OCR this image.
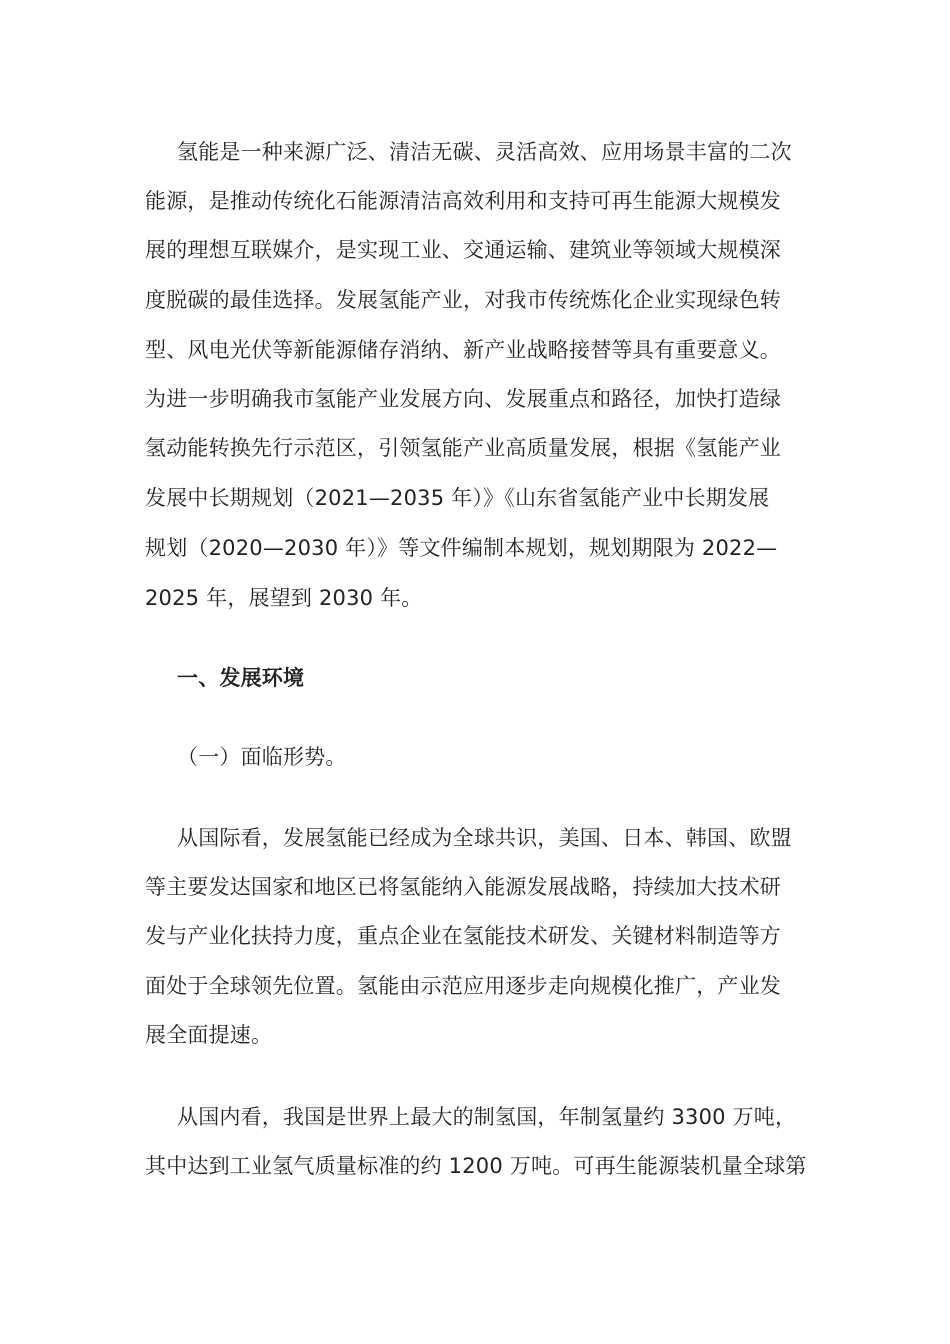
氢能是一种来源广泛、清洁无碳、灵活高效、应用场景丰富的二次
能源，是推动传统化石能源清洁高效利用和支持可再生能源大规模发
展的理想互联媒介，是实现工业、交通运输、建筑业等领域大规模深
度脱碳的最佳选择。发展氢能产业，对我市传统炼化企业实现绿色转
型、风电光伏等新能源储存消纳、新产业战略接替等具有重要意义。
为进一步明确我市氢能产业发展方向、发展重点和路径，加快打造绿
氢动能转换先行示范区，引领氢能产业高质量发展，根据《氢能产业
发展中长期规划（2021—2035 年）》《山东省氢能产业中长期发展
规划（2020—2030 年）》等文件编制本规划，规划期限为 2022—
2025 年，展望到 2030 年。
一、发展环境
（一）面临形势。
从国际看，发展氢能已经成为全球共识，美国、日本、韩国、欧盟
等主要发达国家和地区已将氢能纳入能源发展战略，持续加大技术研
发与产业化扶持力度，重点企业在氢能技术研发、关键材料制造等方
面处于全球领先位置。氢能由示范应用逐步走向规模化推广，产业发
展全面提速。
从国内看，我国是世界上最大的制氢国，年制氢量约 3300 万吨，
其中达到工业氢气质量标准的约 1200 万吨。可再生能源装机量全球第
